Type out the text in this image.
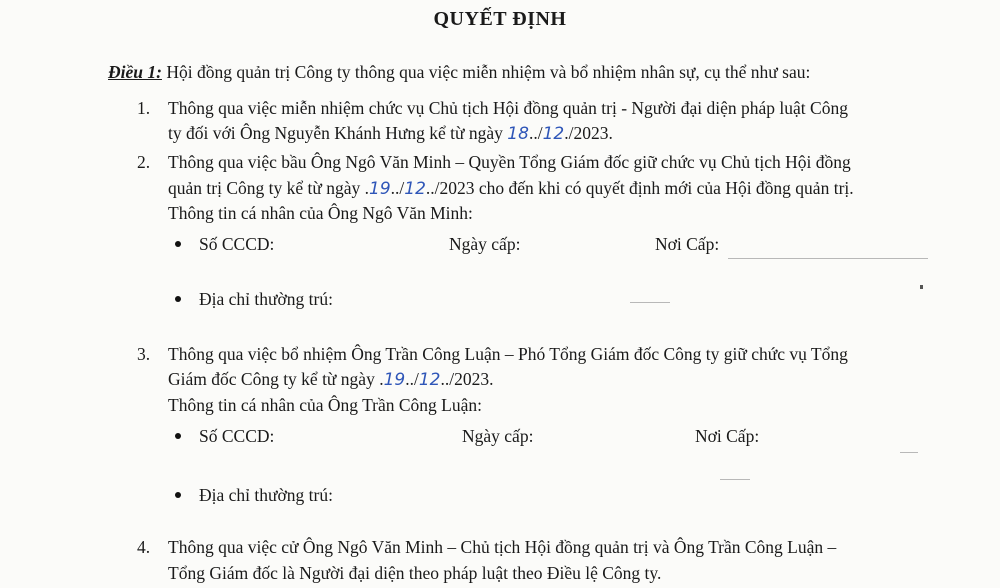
QUYẾT ĐỊNH
Điều 1: Hội đồng quản trị Công ty thông qua việc miễn nhiệm và bổ nhiệm nhân sự, cụ thể như sau:
1. Thông qua việc miễn nhiệm chức vụ Chủ tịch Hội đồng quản trị - Người đại diện pháp luật Công
ty đối với Ông Nguyễn Khánh Hưng kể từ ngày 18../12./2023.
2. Thông qua việc bầu Ông Ngô Văn Minh – Quyền Tổng Giám đốc giữ chức vụ Chủ tịch Hội đồng
quản trị Công ty kể từ ngày .19../12../2023 cho đến khi có quyết định mới của Hội đồng quản trị.
Thông tin cá nhân của Ông Ngô Văn Minh:
Số CCCD:	Ngày cấp:	Nơi Cấp:
Địa chỉ thường trú:
3. Thông qua việc bổ nhiệm Ông Trần Công Luận – Phó Tổng Giám đốc Công ty giữ chức vụ Tổng
Giám đốc Công ty kể từ ngày .19../12../2023.
Thông tin cá nhân của Ông Trần Công Luận:
Số CCCD:	Ngày cấp:	Nơi Cấp:
Địa chỉ thường trú:
4. Thông qua việc cử Ông Ngô Văn Minh – Chủ tịch Hội đồng quản trị và Ông Trần Công Luận –
Tổng Giám đốc là Người đại diện theo pháp luật theo Điều lệ Công ty.
